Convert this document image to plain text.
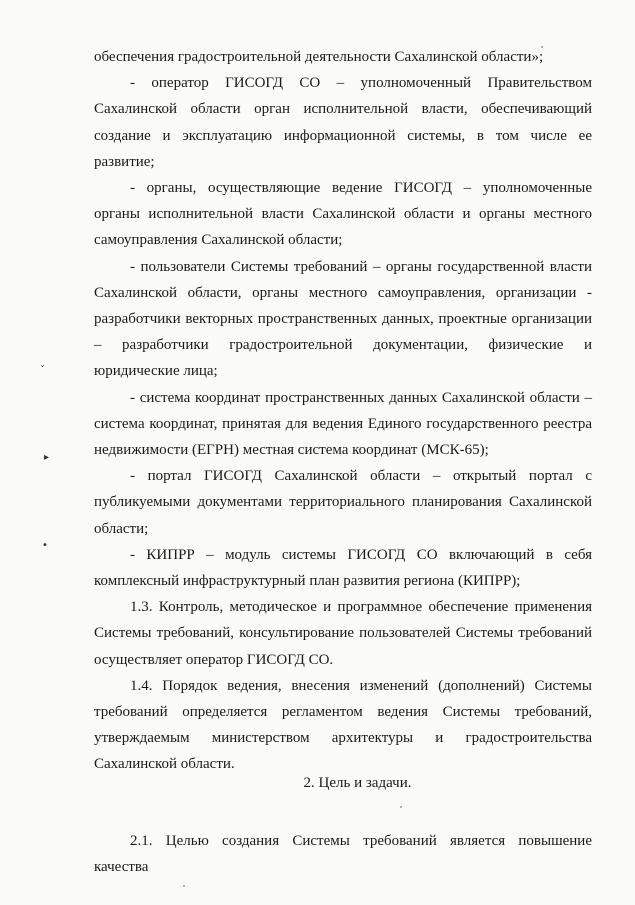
обеспечения градостроительной деятельности Сахалинской области»;

- оператор ГИСОГД СО – уполномоченный Правительством Сахалинской области орган исполнительной власти, обеспечивающий создание и эксплуатацию информационной системы, в том числе ее развитие;

- органы, осуществляющие ведение ГИСОГД – уполномоченные органы исполнительной власти Сахалинской области и органы местного самоуправления Сахалинской области;

- пользователи Системы требований – органы государственной власти Сахалинской области, органы местного самоуправления, организации - разработчики векторных пространственных данных, проектные организации – разработчики градостроительной документации, физические и юридические лица;

- система координат пространственных данных Сахалинской области – система координат, принятая для ведения Единого государственного реестра недвижимости (ЕГРН) местная система координат (МСК-65);

- портал ГИСОГД Сахалинской области – открытый портал с публикуемыми документами территориального планирования Сахалинской области;

- КИПРР – модуль системы ГИСОГД СО включающий в себя комплексный инфраструктурный план развития региона (КИПРР);

1.3. Контроль, методическое и программное обеспечение применения Системы требований, консультирование пользователей Системы требований осуществляет оператор ГИСОГД СО.

1.4. Порядок ведения, внесения изменений (дополнений) Системы требований определяется регламентом ведения Системы требований, утверждаемым министерством архитектуры и градостроительства Сахалинской области.

2. Цель и задачи.

2.1. Целью создания Системы требований является повышение качества

ˇ
▸
•
